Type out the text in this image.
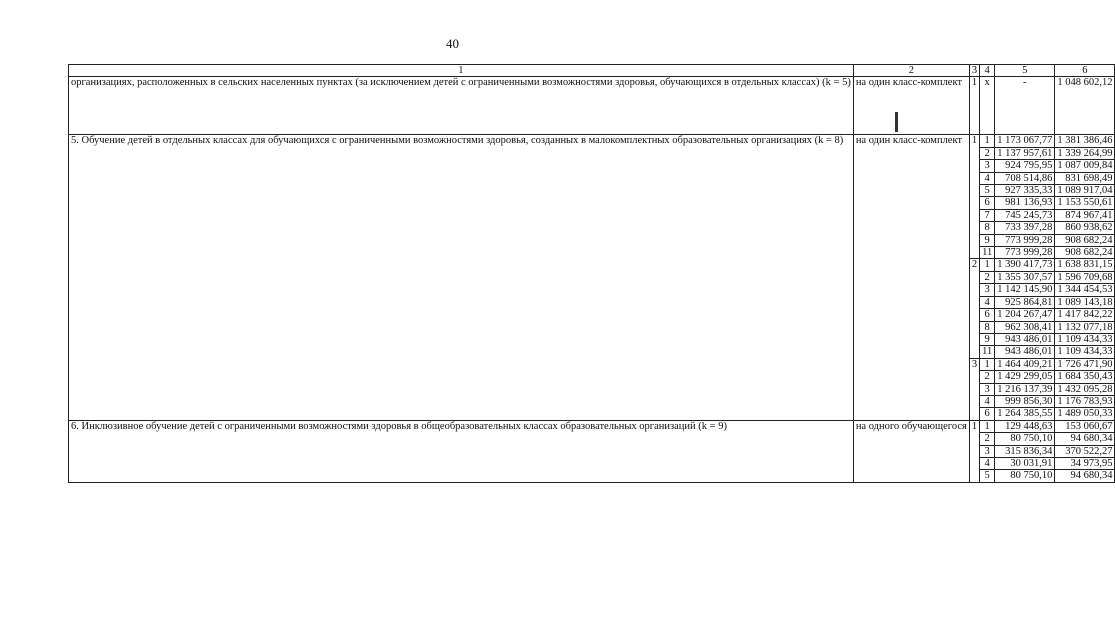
40
1	2	3	4	5	6
организациях, расположенных в сельских населенных пунктах (за исключением детей с ограниченными возможностями здоровья, обучающихся в отдельных классах) (k = 5)	на один класс-комплект	1	x	-	1 048 602,12
5. Обучение детей в отдельных классах для обучающихся с ограниченными возможностями здоровья, созданных в малокомплектных образовательных организациях (k = 8)	на один класс-комплект	1	1	1 173 067,77	1 381 386,46
			2	1 137 957,61	1 339 264,99
			3	924 795,95	1 087 009,84
			4	708 514,86	831 698,49
			5	927 335,33	1 089 917,04
			6	981 136,93	1 153 550,61
			7	745 245,73	874 967,41
			8	733 397,28	860 938,62
			9	773 999,28	908 682,24
			11	773 999,28	908 682,24
		2	1	1 390 417,73	1 638 831,15
			2	1 355 307,57	1 596 709,68
			3	1 142 145,90	1 344 454,53
			4	925 864,81	1 089 143,18
			6	1 204 267,47	1 417 842,22
			8	962 308,41	1 132 077,18
			9	943 486,01	1 109 434,33
			11	943 486,01	1 109 434,33
		3	1	1 464 409,21	1 726 471,90
			2	1 429 299,05	1 684 350,43
			3	1 216 137,39	1 432 095,28
			4	999 856,30	1 176 783,93
			6	1 264 385,55	1 489 050,33
6. Инклюзивное обучение детей с ограниченными возможностями здоровья в общеобразовательных классах образовательных организаций (k = 9)	на одного обучающегося	1	1	129 448,63	153 060,67
			2	80 750,10	94 680,34
			3	315 836,34	370 522,27
			4	30 031,91	34 973,95
			5	80 750,10	94 680,34
